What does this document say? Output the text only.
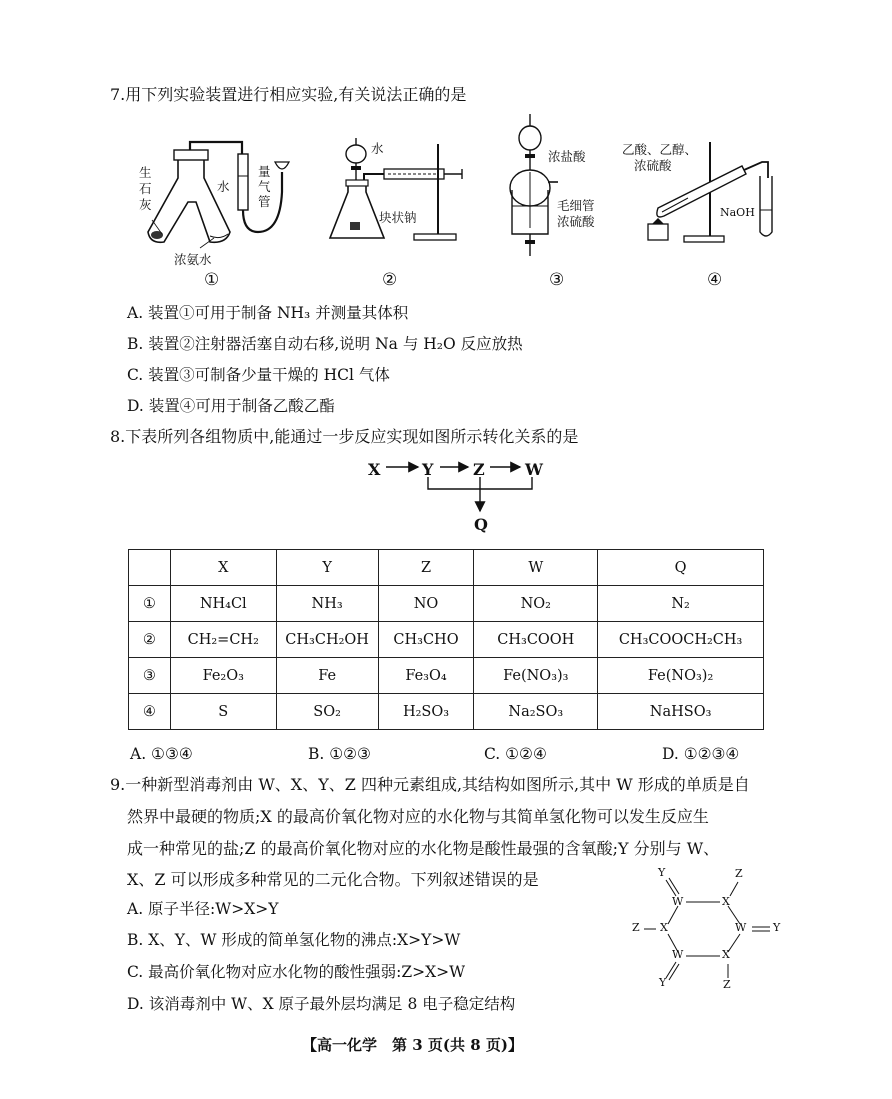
7.用下列实验装置进行相应实验,有关说法正确的是
生
石
灰
水
量
气
管
浓氨水
①
水
块状钠
②
浓盐酸
毛细管
浓硫酸
③
乙酸、乙醇、
浓硫酸
NaOH
④
A. 装置①可用于制备 NH₃ 并测量其体积
B. 装置②注射器活塞自动右移,说明 Na 与 H₂O 反应放热
C. 装置③可制备少量干燥的 HCl 气体
D. 装置④可用于制备乙酸乙酯
8.下表所列各组物质中,能通过一步反应实现如图所示转化关系的是
X	Y Z	W
Q
	X	Y	Z	W	Q
①	NH₄Cl	NH₃	NO	NO₂	N₂
②	CH₂=CH₂	CH₃CH₂OH	CH₃CHO	CH₃COOH	CH₃COOCH₂CH₃
③	Fe₂O₃	Fe	Fe₃O₄	Fe(NO₃)₃	Fe(NO₃)₂
④	S	SO₂	H₂SO₃	Na₂SO₃	NaHSO₃
A. ①③④	B. ①②③	C. ①②④	D. ①②③④
9.一种新型消毒剂由 W、X、Y、Z 四种元素组成,其结构如图所示,其中 W 形成的单质是自
然界中最硬的物质;X 的最高价氧化物对应的水化物与其简单氢化物可以发生反应生
成一种常见的盐;Z 的最高价氧化物对应的水化物是酸性最强的含氧酸;Y 分别与 W、
X、Z 可以形成多种常见的二元化合物。下列叙述错误的是
A. 原子半径:W>X>Y
B. X、Y、W 形成的简单氢化物的沸点:X>Y>W
C. 最高价氧化物对应水化物的酸性强弱:Z>X>W
D. 该消毒剂中 W、X 原子最外层均满足 8 电子稳定结构
W	X
Y	Z
W Y
X
Z
W	X
Y	Z
【高一化学　第 3 页(共 8 页)】
